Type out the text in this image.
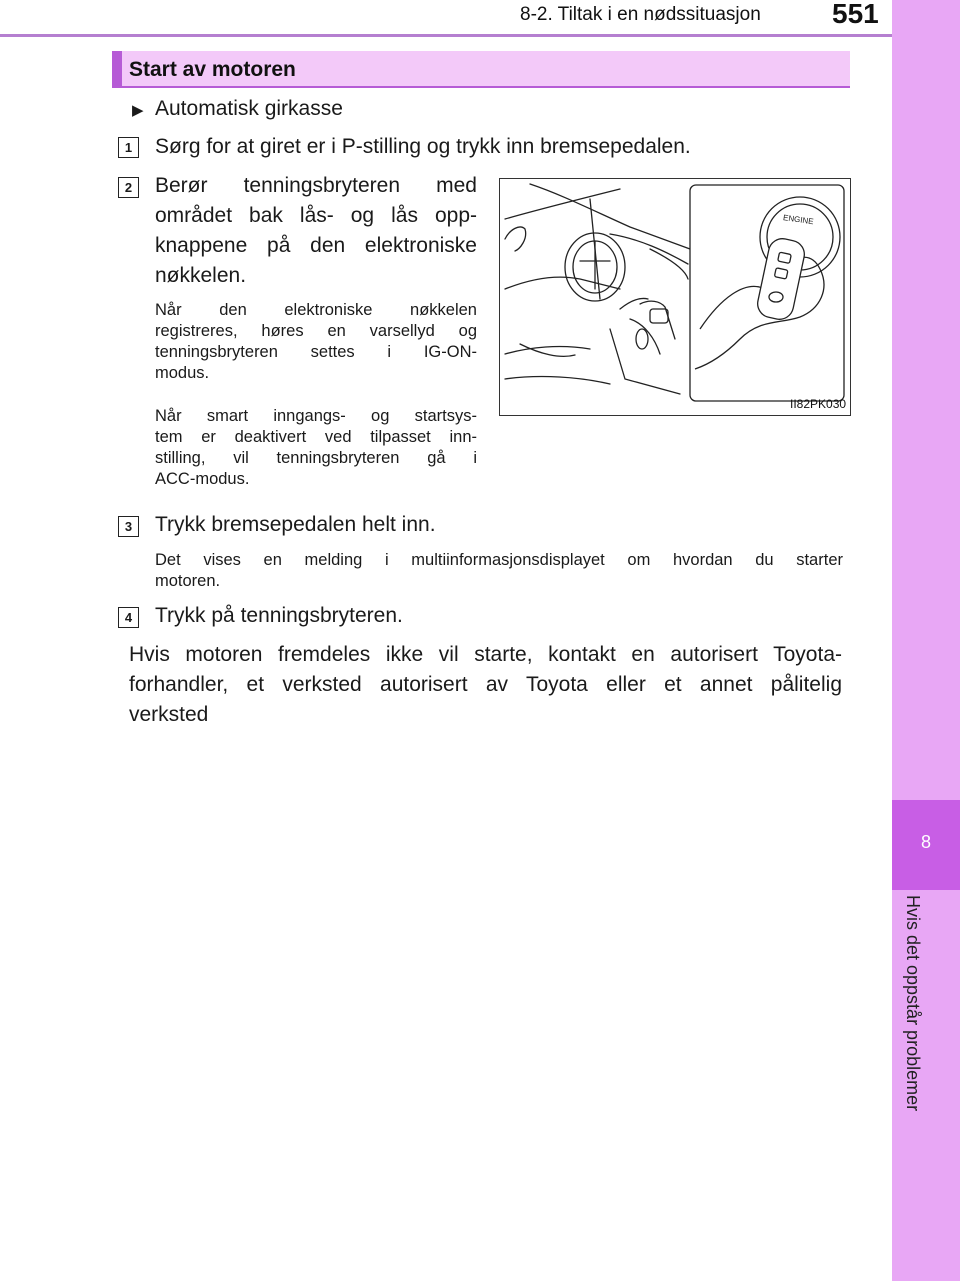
8-2. Tiltak i en nødssituasjon	551
8
Hvis det oppstår problemer
Start av motoren
▶ Automatisk girkasse
1	Sørg for at giret er i P-stilling og trykk inn bremsepedalen.
2	Berør tenningsbryteren med
området bak lås- og lås opp-
knappene på den elektroniske
nøkkelen.
Når den elektroniske nøkkelen
registreres, høres en varsellyd og
tenningsbryteren settes i IG-ON-
modus.
Når smart inngangs- og startsys-
tem er deaktivert ved tilpasset inn-
stilling, vil tenningsbryteren gå i
ACC-modus.
ENGINE
II82PK030
3	Trykk bremsepedalen helt inn.
Det vises en melding i multiinformasjonsdisplayet om hvordan du starter
motoren.
4	Trykk på tenningsbryteren.
Hvis motoren fremdeles ikke vil starte, kontakt en autorisert Toyota-
forhandler, et verksted autorisert av Toyota eller et annet pålitelig
verksted
